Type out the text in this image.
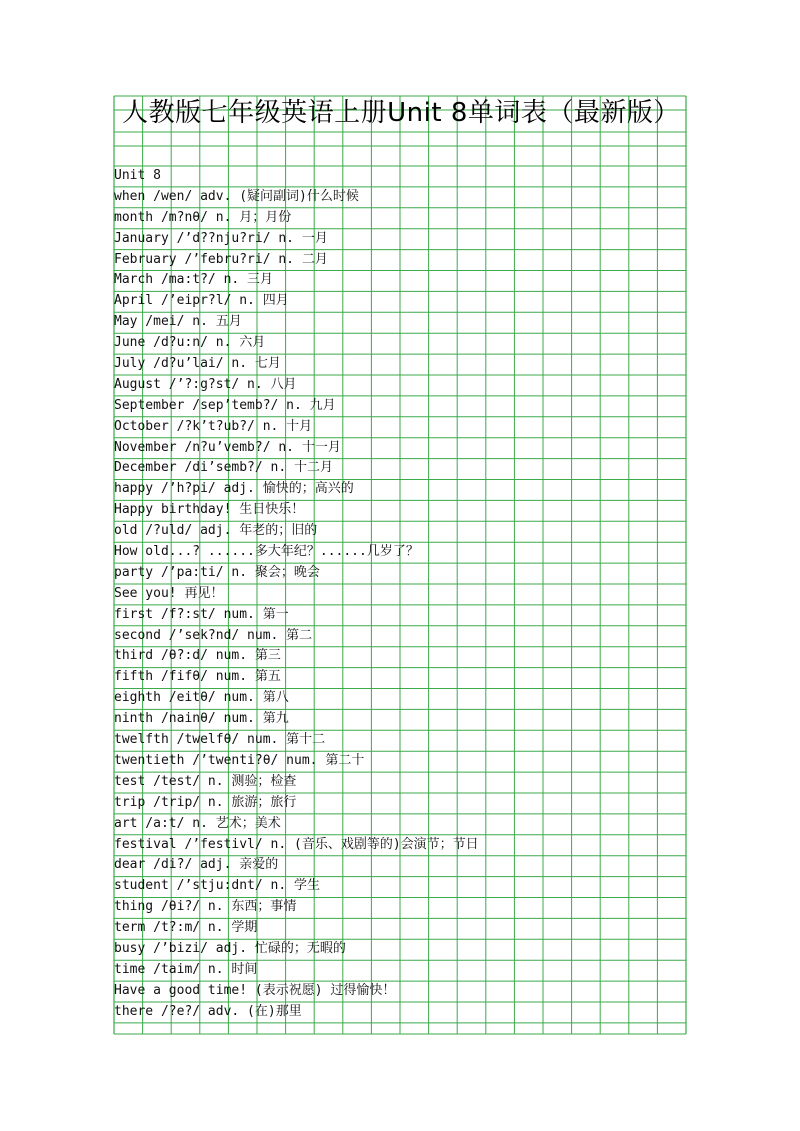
人教版七年级英语上册Unit 8单词表（最新版）
Unit 8
when /wen/ adv. (疑问副词)什么时候
month /m?nθ/ n. 月；月份
January /’d??nju?ri/ n. 一月
February /’febru?ri/ n. 二月
March /ma:t?/ n. 三月
April /’eipr?l/ n. 四月
May /mei/ n. 五月
June /d?u:n/ n. 六月
July /d?u’lai/ n. 七月
August /’?:g?st/ n. 八月
September /sep’temb?/ n. 九月
October /?k’t?ub?/ n. 十月
November /n?u’vemb?/ n. 十一月
December /di’semb?/ n. 十二月
happy /’h?pi/ adj. 愉快的；高兴的
Happy birthday! 生日快乐！
old /?uld/ adj. 年老的；旧的
How old...? ......多大年纪？......几岁了？
party /’pa:ti/ n. 聚会；晚会
See you! 再见！
first /f?:st/ num. 第一
second /’sek?nd/ num. 第二
third /θ?:d/ num. 第三
fifth /fifθ/ num. 第五
eighth /eitθ/ num. 第八
ninth /nainθ/ num. 第九
twelfth /twelfθ/ num. 第十二
twentieth /’twenti?θ/ num. 第二十
test /test/ n. 测验；检查
trip /trip/ n. 旅游；旅行
art /a:t/ n. 艺术；美术
festival /’festivl/ n. (音乐、戏剧等的)会演节；节日
dear /di?/ adj. 亲爱的
student /’stju:dnt/ n. 学生
thing /θi?/ n. 东西；事情
term /t?:m/ n. 学期
busy /’bizi/ adj. 忙碌的；无暇的
time /taim/ n. 时间
Have a good time! (表示祝愿) 过得愉快！
there /?e?/ adv. (在)那里
